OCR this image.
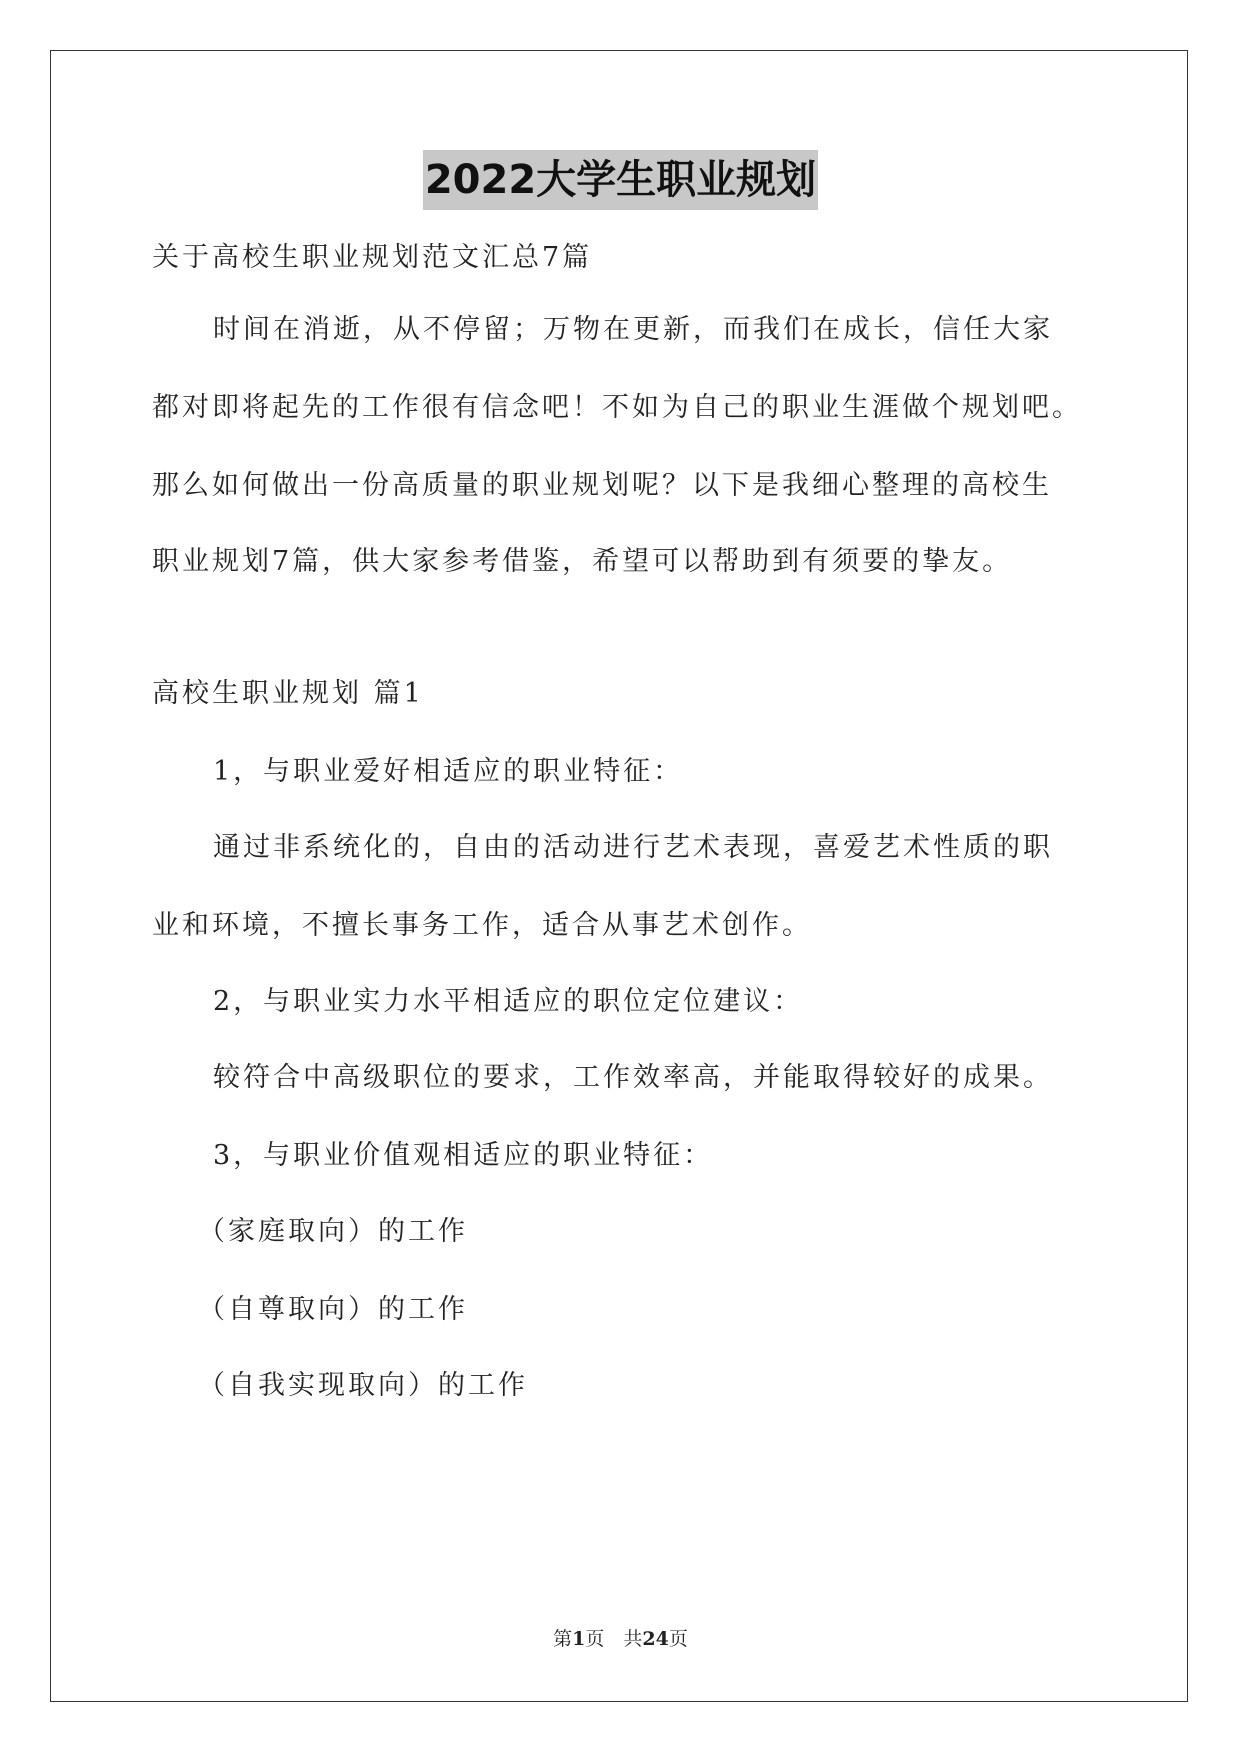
2022大学生职业规划
关于高校生职业规划范文汇总7篇
时间在消逝，从不停留；万物在更新，而我们在成长，信任大家
都对即将起先的工作很有信念吧！不如为自己的职业生涯做个规划吧。
那么如何做出一份高质量的职业规划呢？以下是我细心整理的高校生
职业规划7篇，供大家参考借鉴，希望可以帮助到有须要的挚友。
高校生职业规划 篇1
1，与职业爱好相适应的职业特征：
通过非系统化的，自由的活动进行艺术表现，喜爱艺术性质的职
业和环境，不擅长事务工作，适合从事艺术创作。
2，与职业实力水平相适应的职位定位建议：
较符合中高级职位的要求，工作效率高，并能取得较好的成果。
3，与职业价值观相适应的职业特征：
（家庭取向）的工作
（自尊取向）的工作
（自我实现取向）的工作
第1页　共24页
